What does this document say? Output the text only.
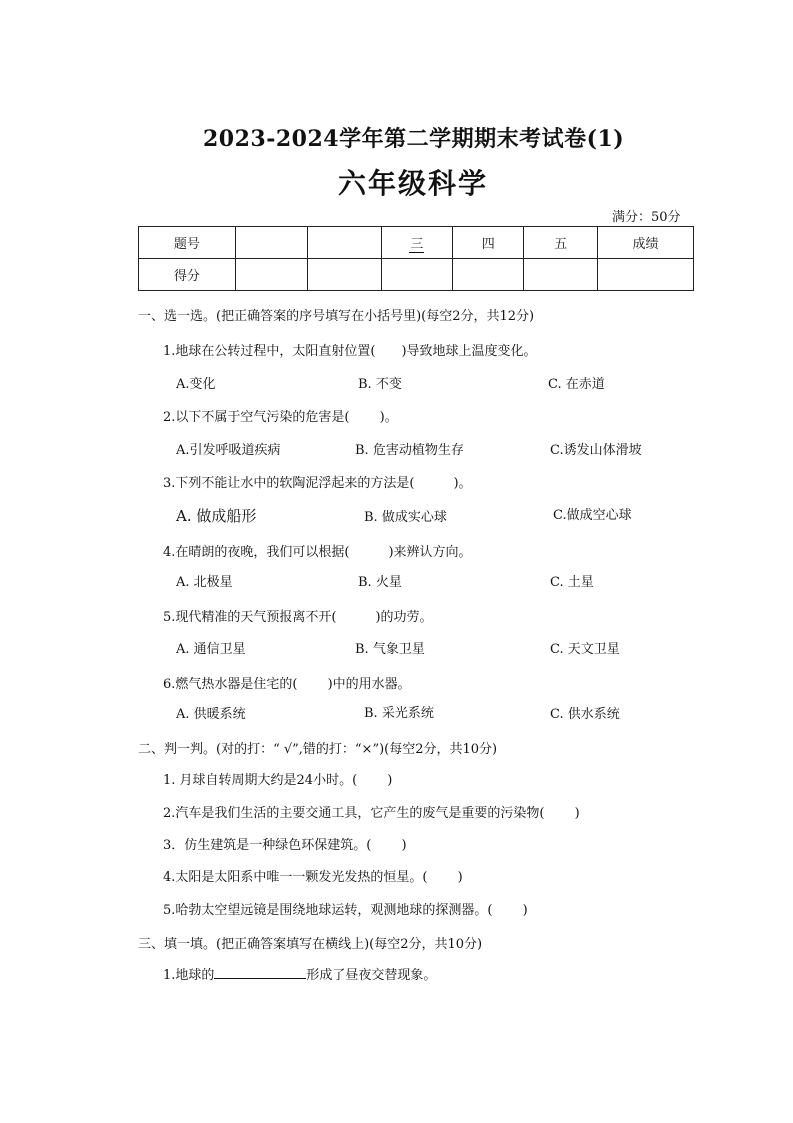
2023-2024学年第二学期期末考试卷(1)
六年级科学
满分：50分
题号			三	四	五	成绩
得分						
一、选一选。(把正确答案的序号填写在小括号里)(每空2分，共12分)
1.地球在公转过程中，太阳直射位置(　　)导致地球上温度变化。
A.变化	B. 不变	C. 在赤道
2.以下不属于空气污染的危害是(　　 )。
A.引发呼吸道疾病	B. 危害动植物生存	C.诱发山体滑坡
3.下列不能让水中的软陶泥浮起来的方法是(　　　)。
A. 做成船形	B. 做成实心球	C.做成空心球
4.在晴朗的夜晚，我们可以根据(　　　)来辨认方向。
A. 北极星	B. 火星	C. 土星
5.现代精准的天气预报离不开(　　　)的功劳。
A. 通信卫星	B. 气象卫星	C. 天文卫星
6.燃气热水器是住宅的(　　 )中的用水器。
A. 供暖系统	B. 采光系统	C. 供水系统
二、判一判。(对的打：“ √”,错的打：“×”)(每空2分，共10分)
1. 月球自转周期大约是24小时。(　　 )
2.汽车是我们生活的主要交通工具，它产生的废气是重要的污染物(　　 )
3．仿生建筑是一种绿色环保建筑。(　　 )
4.太阳是太阳系中唯一一颗发光发热的恒星。(　　 )
5.哈勃太空望远镜是围绕地球运转，观测地球的探测器。(　　 )
三、填一填。(把正确答案填写在横线上)(每空2分，共10分)
1.地球的	形成了昼夜交替现象。
